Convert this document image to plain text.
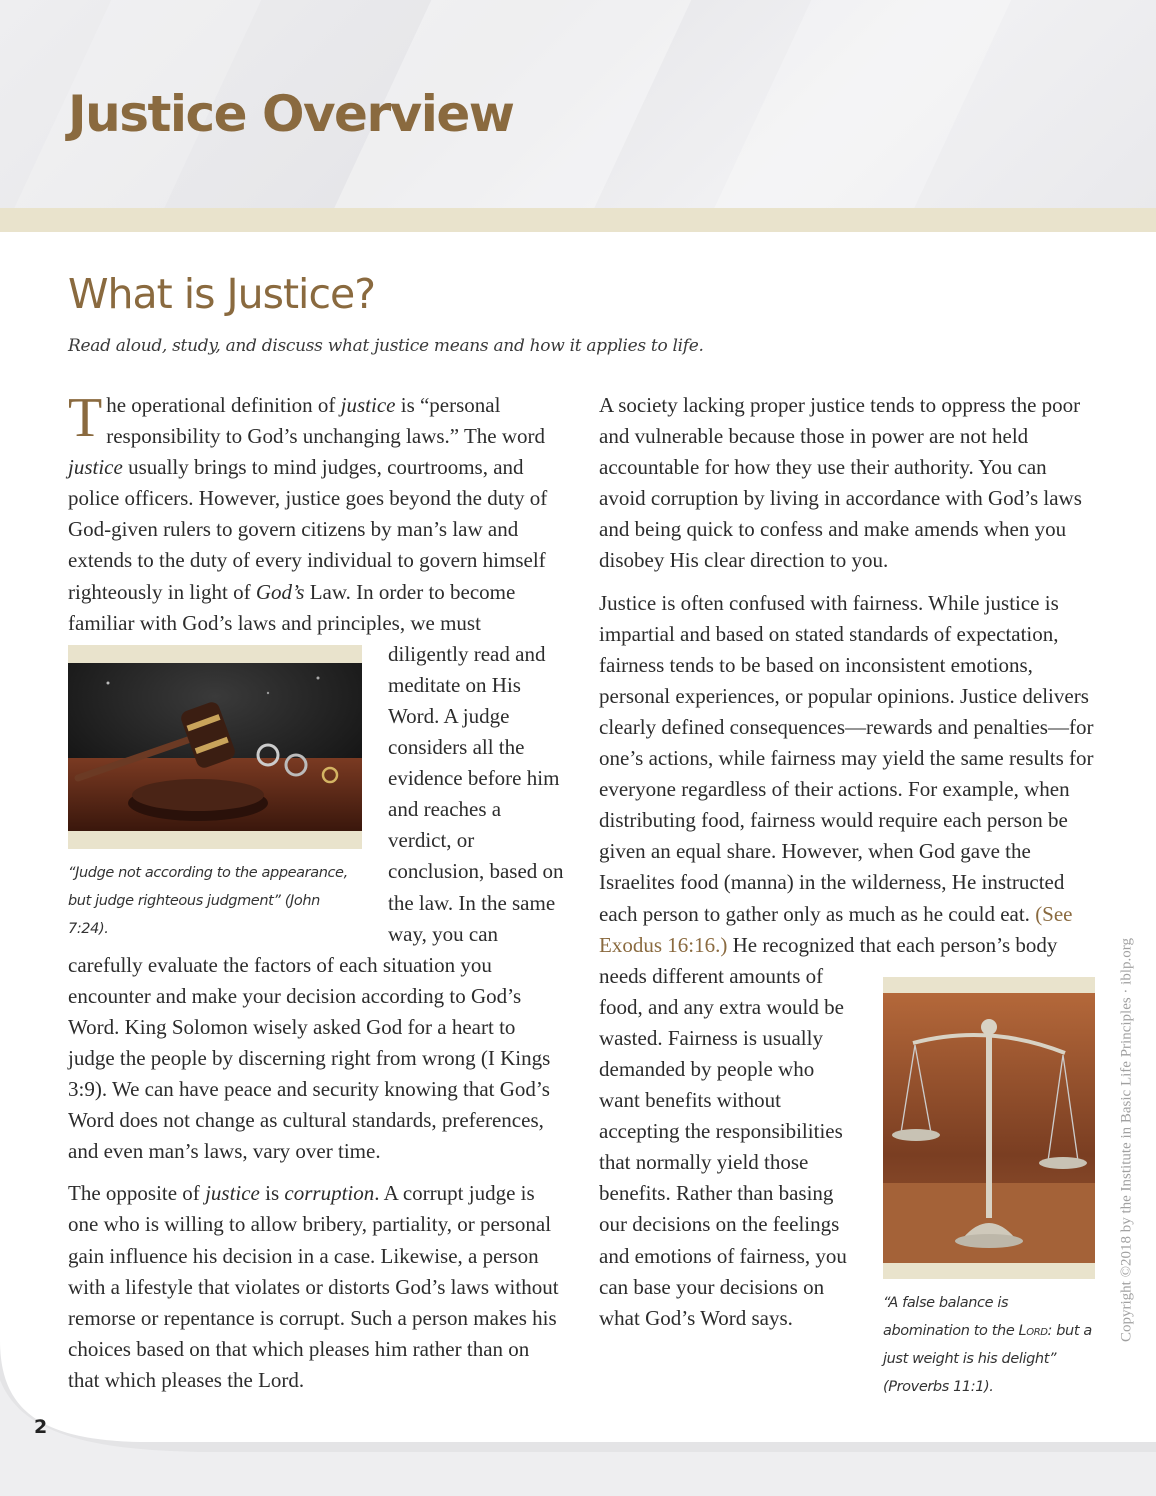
Justice Overview
What is Justice?

Read aloud, study, and discuss what justice means and how it applies to life.

The operational definition of justice is “personal responsibility to God’s unchanging laws.” The word justice usually brings to mind judges, courtrooms, and police officers. However, justice goes beyond the duty of God-given rulers to govern citizens by man’s law and extends to the duty of every individual to govern himself righteously in light of God’s Law. In order to become familiar with God’s laws and principles, we
“Judge not according to the appearance, but judge righteous judgment” (John 7:24).
must diligently read and meditate on His Word. A judge considers all the evidence before him and reaches a verdict, or conclusion, based on the law. In the same way, you can carefully evaluate the factors of each situation you encounter and make your decision according to God’s Word. King Solomon wisely asked God for a heart to judge the people by discerning right from wrong (I Kings 3:9). We can have peace and security knowing that God’s Word does not change as cultural standards, preferences, and even man’s laws, vary over time.

The opposite of justice is corruption. A corrupt judge is one who is willing to allow bribery, partiality, or personal gain influence his decision in a case. Likewise, a person with a lifestyle that violates or distorts God’s laws without remorse or repentance is corrupt. Such a person makes his choices based on that which pleases him rather than on that which pleases the Lord.

A society lacking proper justice tends to oppress the poor and vulnerable because those in power are not held accountable for how they use their authority. You can avoid corruption by living in accordance with God’s laws and being quick to confess and make amends when you disobey His clear direction to you.

Justice is often confused with fairness. While justice is impartial and based on stated standards of expectation, fairness tends to be based on inconsistent emotions, personal experiences, or popular opinions. Justice delivers clearly defined consequences—rewards and penalties—for one’s actions, while fairness may yield the same results for everyone regardless of their actions. For example, when distributing food, fairness would require each person be given an equal share. However, when God gave the Israelites food (manna) in the wilderness, He instructed each person to gather only as much as he could eat. (See Exodus 16:16.) He recognized that each
“A false balance is abomination to the Lord: but a just weight is his delight” (Proverbs 11:1).
person’s body needs different amounts of food, and any extra would be wasted. Fairness is usually demanded by people who want benefits without accepting the responsibilities that normally yield those benefits. Rather than basing our decisions on the feelings and emotions of fairness, you can base your decisions on what God’s Word says.	Copyright ©2018 by the Institute in Basic Life Principles · iblp.org

2
